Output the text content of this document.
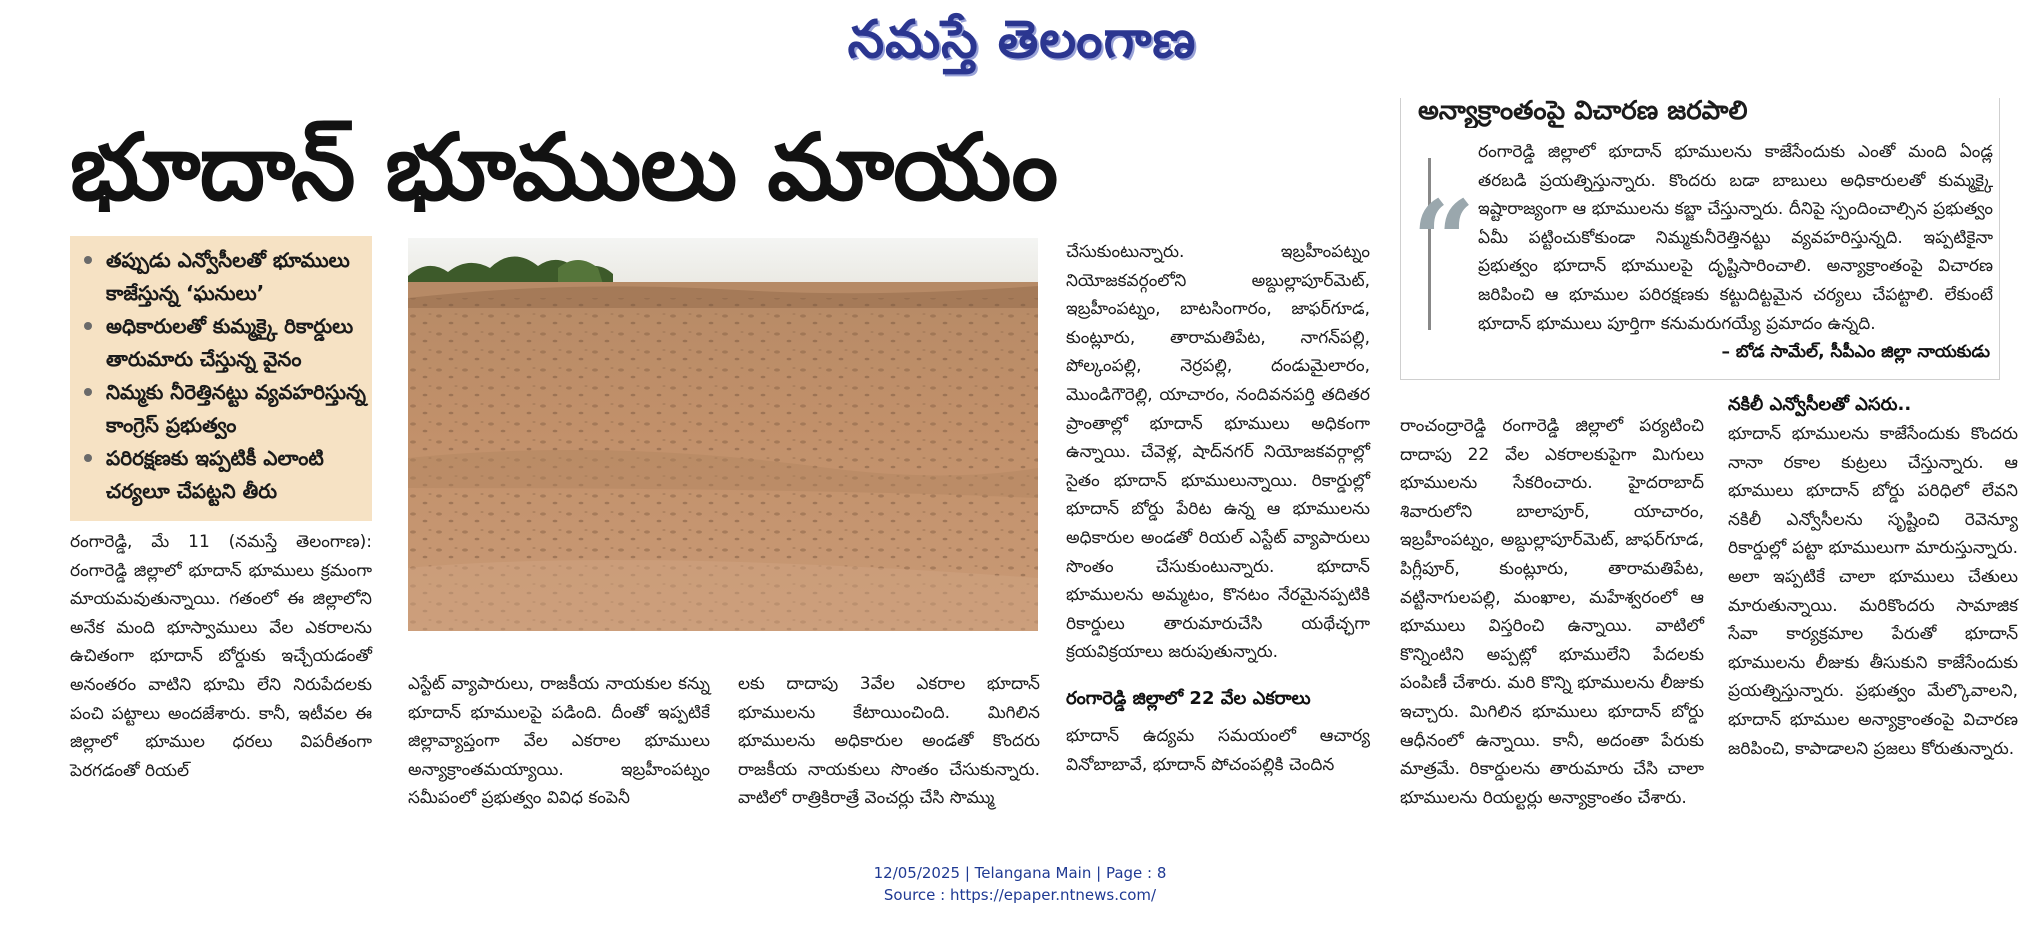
నమస్తే తెలంగాణ
భూదాన్ భూములు మాయం
తప్పుడు ఎన్వోసీలతో భూములు కాజేస్తున్న ‘ఘనులు’
అధికారులతో కుమ్మక్కై రికార్డులు తారుమారు చేస్తున్న వైనం
నిమ్మకు నీరెత్తినట్టు వ్యవహరిస్తున్న కాంగ్రెస్ ప్రభుత్వం
పరిరక్షణకు ఇప్పటికీ ఎలాంటి చర్యలూ చేపట్టని తీరు
రంగారెడ్డి, మే 11 (నమస్తే తెలంగాణ): రంగారెడ్డి జిల్లాలో భూదాన్ భూములు క్రమంగా మాయమవుతున్నాయి. గతంలో ఈ జిల్లాలోని అనేక మంది భూస్వాములు వేల ఎకరాలను ఉచితంగా భూదాన్ బోర్డుకు ఇచ్చేయడంతో అనంతరం వాటిని భూమి లేని నిరుపేదలకు పంచి పట్టాలు అందజేశారు. కానీ, ఇటీవల ఈ జిల్లాలో భూముల ధరలు విపరీతంగా పెరగడంతో రియల్
ఎస్టేట్ వ్యాపారులు, రాజకీయ నాయకుల కన్ను భూదాన్ భూములపై పడింది. దీంతో ఇప్పటికే జిల్లావ్యాప్తంగా వేల ఎకరాల భూములు అన్యాక్రాంతమయ్యాయి. ఇబ్రహీంపట్నం సమీపంలో ప్రభుత్వం వివిధ కంపెనీ
లకు దాదాపు 3వేల ఎకరాల భూదాన్ భూములను కేటాయించింది. మిగిలిన భూములను అధికారుల అండతో కొందరు రాజకీయ నాయకులు సొంతం చేసుకున్నారు. వాటిలో రాత్రికిరాత్రే వెంచర్లు చేసి సొమ్ము
చేసుకుంటున్నారు. ఇబ్రహీంపట్నం నియోజకవర్గంలోని అబ్దుల్లాపూర్‌మెట్, ఇబ్రహీంపట్నం, బాటసింగారం, జాఫర్‌గూడ, కుంట్లూరు, తారామతిపేట, నాగన్‌పల్లి, పోల్కంపల్లి, నెర్రపల్లి, దండుమైలారం, మొండిగౌరెల్లి, యాచారం, నందివనపర్తి తదితర ప్రాంతాల్లో భూదాన్ భూములు అధికంగా ఉన్నాయి. చేవెళ్ల, షాద్‌నగర్ నియోజకవర్గాల్లో సైతం భూదాన్ భూములున్నాయి. రికార్డుల్లో భూదాన్ బోర్డు పేరిట ఉన్న ఆ భూములను అధికారుల అండతో రియల్ ఎస్టేట్ వ్యాపారులు సొంతం చేసుకుంటున్నారు. భూదాన్ భూములను అమ్మటం, కొనటం నేరమైనప్పటికి రికార్డులు తారుమారుచేసి యథేచ్ఛగా క్రయవిక్రయాలు జరుపుతున్నారు.
రంగారెడ్డి జిల్లాలో 22 వేల ఎకరాలు
భూదాన్ ఉద్యమ సమయంలో ఆచార్య వినోబాబావే, భూదాన్ పోచంపల్లికి చెందిన
రాంచంద్రారెడ్డి రంగారెడ్డి జిల్లాలో పర్యటించి దాదాపు 22 వేల ఎకరాలకుపైగా మిగులు భూములను సేకరించారు. హైదరాబాద్ శివారులోని బాలాపూర్, యాచారం, ఇబ్రహీంపట్నం, అబ్దుల్లాపూర్‌మెట్, జాఫర్‌గూడ, పిగ్లీపూర్, కుంట్లూరు, తారామతిపేట, వట్టినాగులపల్లి, మంఖాల, మహేశ్వరంలో ఆ భూములు విస్తరించి ఉన్నాయి. వాటిలో కొన్నింటిని అప్పట్లో భూములేని పేదలకు పంపిణీ చేశారు. మరి కొన్ని భూములను లీజుకు ఇచ్చారు. మిగిలిన భూములు భూదాన్ బోర్డు ఆధీనంలో ఉన్నాయి. కానీ, అదంతా పేరుకు మాత్రమే. రికార్డులను తారుమారు చేసి చాలా భూములను రియల్టర్లు అన్యాక్రాంతం చేశారు.
నకిలీ ఎన్వోసీలతో ఎసరు..
భూదాన్ భూములను కాజేసేందుకు కొందరు నానా రకాల కుట్రలు చేస్తున్నారు. ఆ భూములు భూదాన్ బోర్డు పరిధిలో లేవని నకిలీ ఎన్వోసీలను సృష్టించి రెవెన్యూ రికార్డుల్లో పట్టా భూములుగా మారుస్తున్నారు. అలా ఇప్పటికే చాలా భూములు చేతులు మారుతున్నాయి. మరికొందరు సామాజిక సేవా కార్యక్రమాల పేరుతో భూదాన్ భూములను లీజుకు తీసుకుని కాజేసేందుకు ప్రయత్నిస్తున్నారు. ప్రభుత్వం మేల్కొవాలని, భూదాన్ భూముల అన్యాక్రాంతంపై విచారణ జరిపించి, కాపాడాలని ప్రజలు కోరుతున్నారు.
అన్యాక్రాంతంపై విచారణ జరపాలి
“
రంగారెడ్డి జిల్లాలో భూదాన్ భూములను కాజేసేందుకు ఎంతో మంది ఏండ్ల తరబడి ప్రయత్నిస్తున్నారు. కొందరు బడా బాబులు అధికారులతో కుమ్మక్కై ఇష్టారాజ్యంగా ఆ భూములను కబ్జా చేస్తున్నారు. దీనిపై స్పందించాల్సిన ప్రభుత్వం ఏమీ పట్టించుకోకుండా నిమ్మకునీరెత్తినట్టు వ్యవహరిస్తున్నది. ఇప్పటికైనా ప్రభుత్వం భూదాన్ భూములపై దృష్టిసారించాలి. అన్యాక్రాంతంపై విచారణ జరిపించి ఆ భూముల పరిరక్షణకు కట్టుదిట్టమైన చర్యలు చేపట్టాలి. లేకుంటే భూదాన్ భూములు పూర్తిగా కనుమరుగయ్యే ప్రమాదం ఉన్నది.
– బోడ సామేల్, సీపీఎం జిల్లా నాయకుడు
12/05/2025 | Telangana Main | Page : 8
Source : https://epaper.ntnews.com/
